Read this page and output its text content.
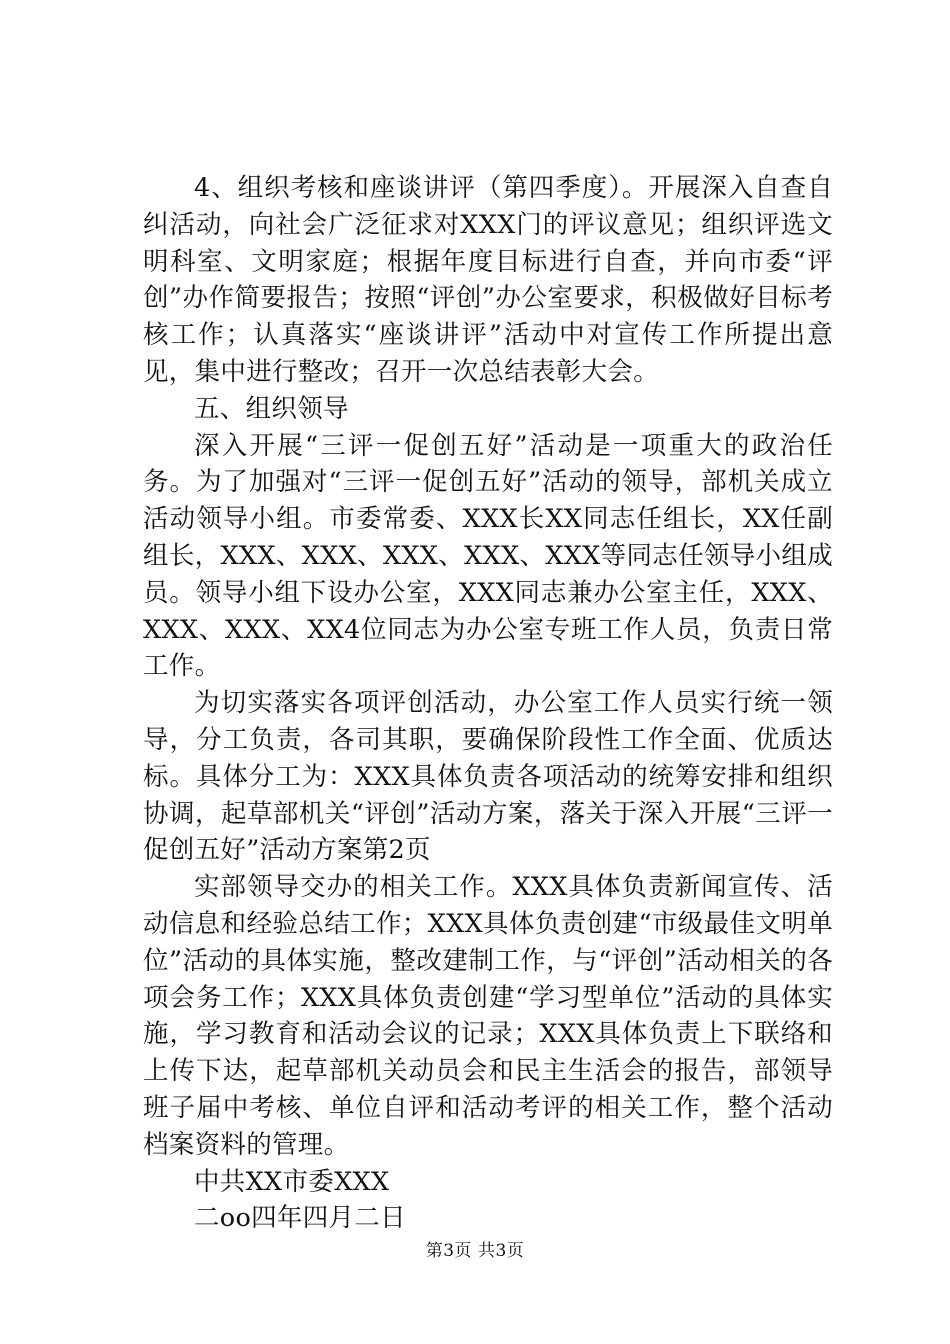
4、组织考核和座谈讲评（第四季度）。开展深入自查自纠活动，向社会广泛征求对XXX门的评议意见；组织评选文明科室、文明家庭；根据年度目标进行自查，并向市委“评创”办作简要报告；按照“评创”办公室要求，积极做好目标考核工作；认真落实“座谈讲评”活动中对宣传工作所提出意见，集中进行整改；召开一次总结表彰大会。

五、组织领导

深入开展“三评一促创五好”活动是一项重大的政治任务。为了加强对“三评一促创五好”活动的领导，部机关成立活动领导小组。市委常委、XXX长XX同志任组长，XX任副组长，XXX、XXX、XXX、XXX、XXX等同志任领导小组成员。领导小组下设办公室，XXX同志兼办公室主任，XXX、XXX、XXX、XX4位同志为办公室专班工作人员，负责日常工作。

为切实落实各项评创活动，办公室工作人员实行统一领导，分工负责，各司其职，要确保阶段性工作全面、优质达标。具体分工为：XXX具体负责各项活动的统筹安排和组织协调，起草部机关“评创”活动方案，落关于深入开展“三评一促创五好”活动方案第2页

实部领导交办的相关工作。XXX具体负责新闻宣传、活动信息和经验总结工作；XXX具体负责创建“市级最佳文明单位”活动的具体实施，整改建制工作，与“评创”活动相关的各项会务工作；XXX具体负责创建“学习型单位”活动的具体实施，学习教育和活动会议的记录；XXX具体负责上下联络和上传下达，起草部机关动员会和民主生活会的报告，部领导班子届中考核、单位自评和活动考评的相关工作，整个活动档案资料的管理。

中共XX市委XXX

二oo四年四月二日

第3页 共3页
